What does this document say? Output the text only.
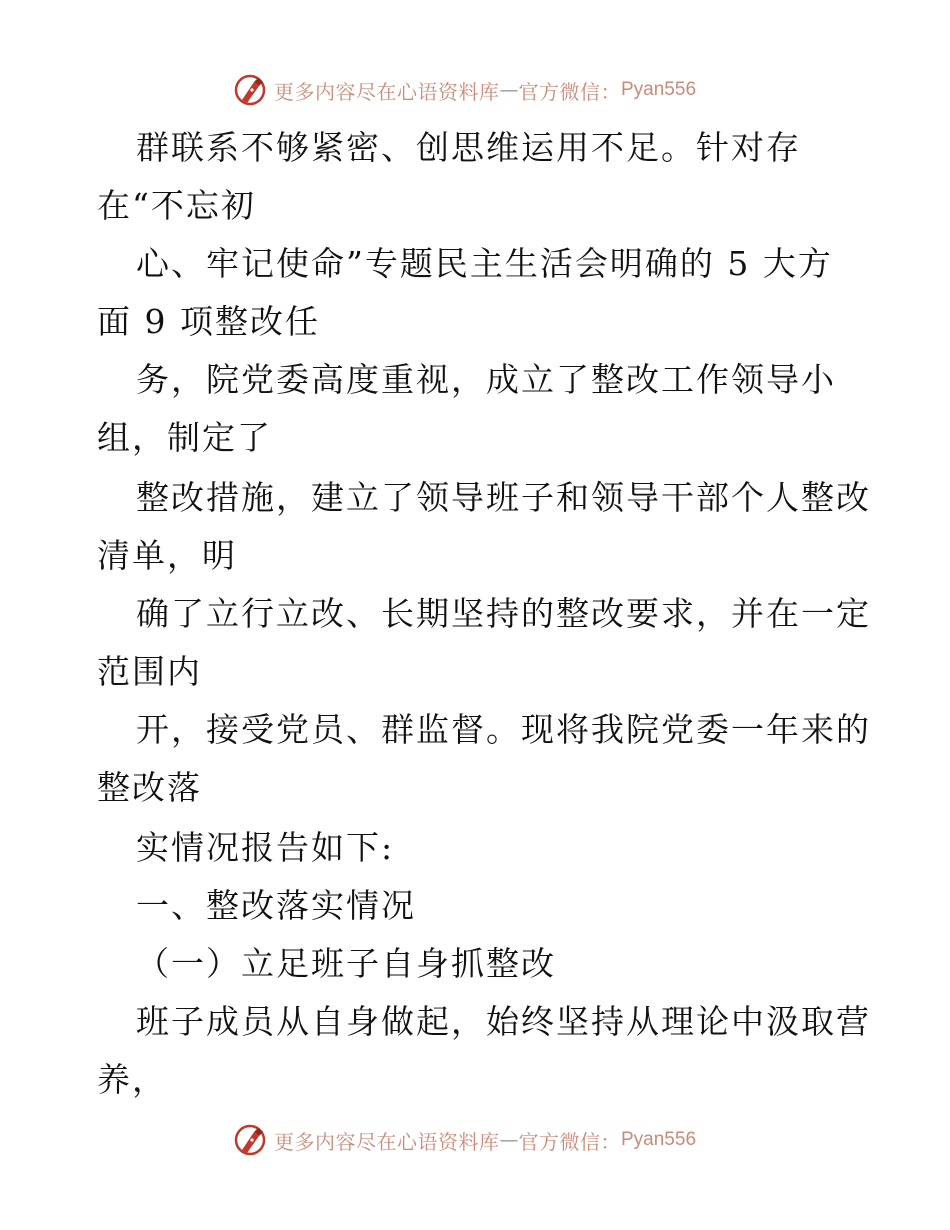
更多内容尽在心语资料库 — 官方微信： Pyan556
群联系不够紧密、创思维运用不足。针对存
在“不忘初
心、牢记使命”专题民主生活会明确的 5 大方
面 9 项整改任
务，院党委高度重视，成立了整改工作领导小
组，制定了
整改措施，建立了领导班子和领导干部个人整改
清单，明
确了立行立改、长期坚持的整改要求，并在一定
范围内
开，接受党员、群监督。现将我院党委一年来的
整改落
实情况报告如下:
一、整改落实情况
（一）立足班子自身抓整改
班子成员从自身做起，始终坚持从理论中汲取营
养，
更多内容尽在心语资料库 — 官方微信： Pyan556
